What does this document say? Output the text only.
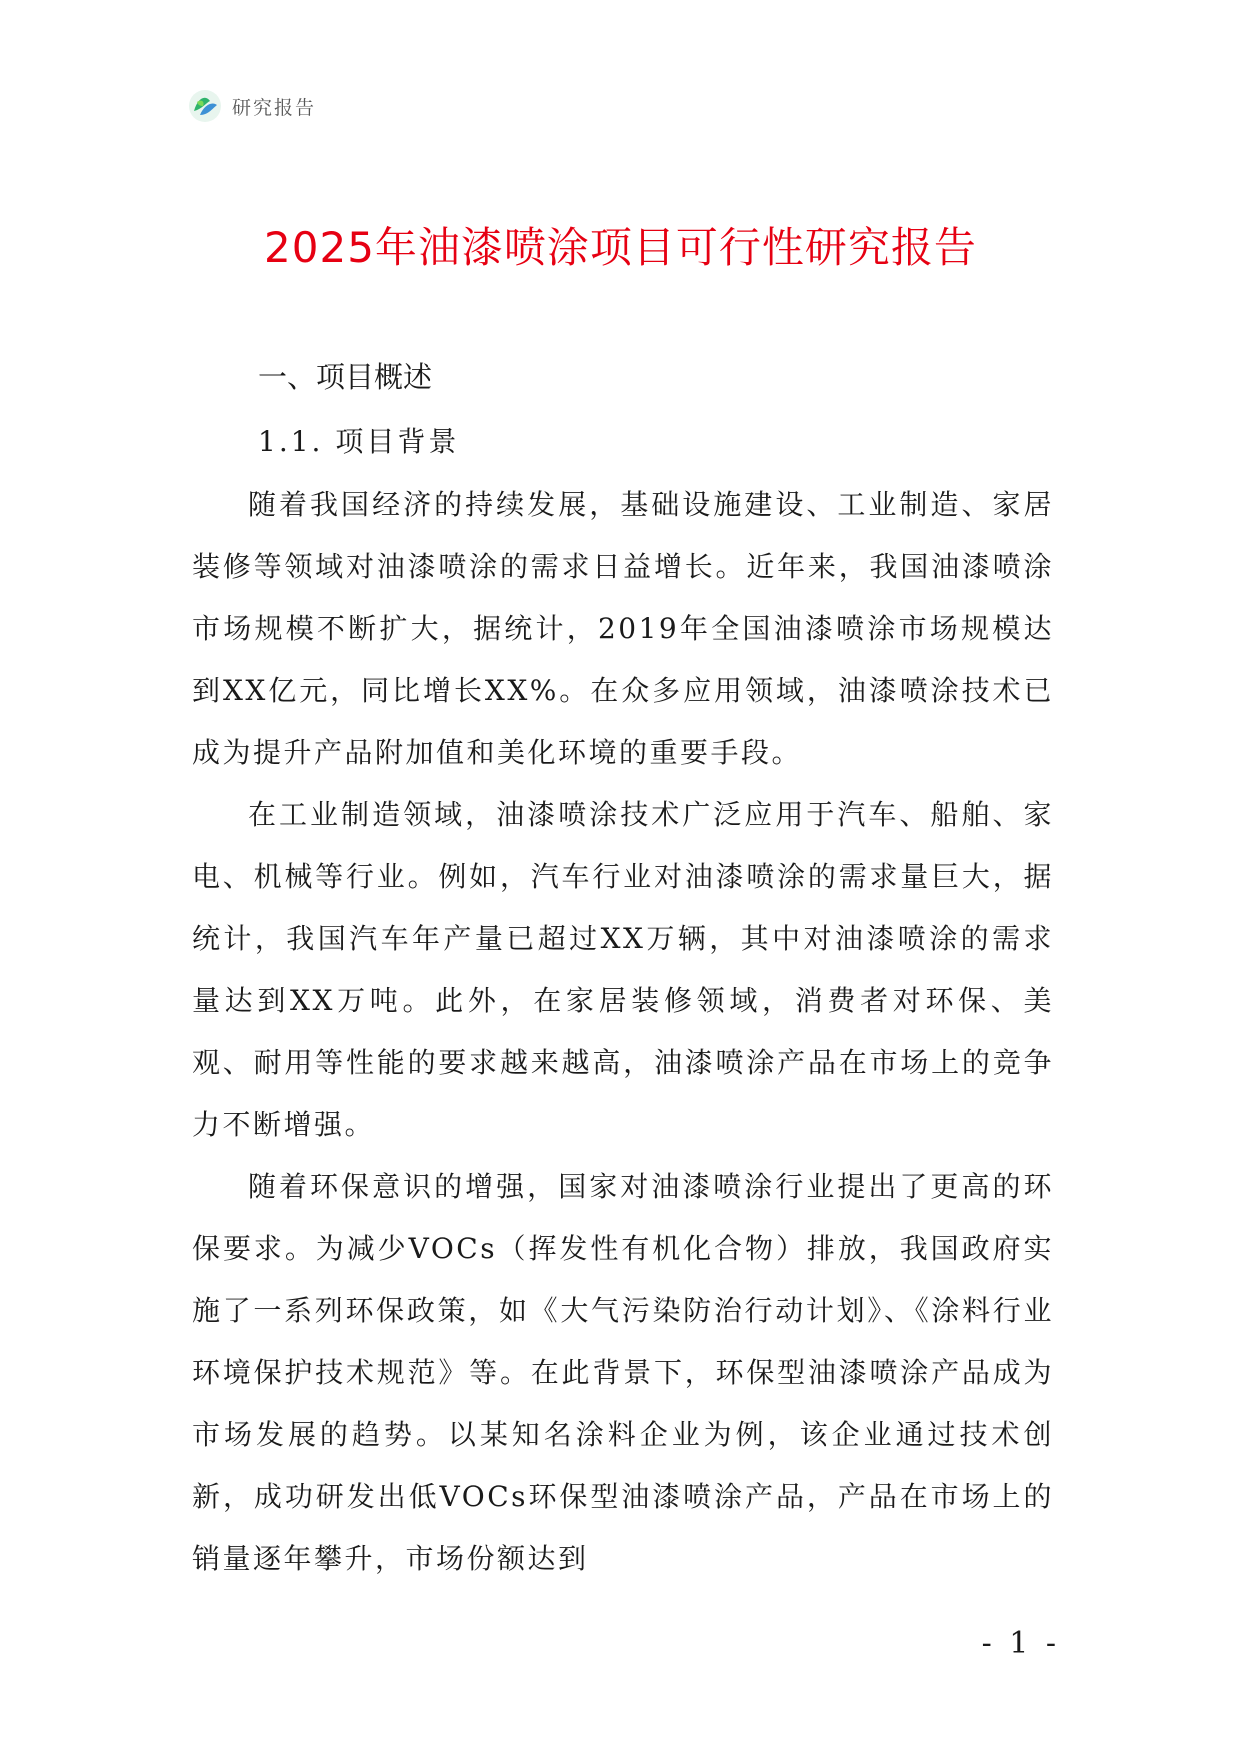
研究报告
2025年油漆喷涂项目可行性研究报告
一、项目概述
1.1. 项目背景

随着我国经济的持续发展，基础设施建设、工业制造、家居装修等领域对油漆喷涂的需求日益增长。近年来，我国油漆喷涂市场规模不断扩大，据统计，2019年全国油漆喷涂市场规模达到XX亿元，同比增长XX%。在众多应用领域，油漆喷涂技术已成为提升产品附加值和美化环境的重要手段。

在工业制造领域，油漆喷涂技术广泛应用于汽车、船舶、家电、机械等行业。例如，汽车行业对油漆喷涂的需求量巨大，据统计，我国汽车年产量已超过XX万辆，其中对油漆喷涂的需求量达到XX万吨。此外，在家居装修领域，消费者对环保、美观、耐用等性能的要求越来越高，油漆喷涂产品在市场上的竞争力不断增强。

随着环保意识的增强，国家对油漆喷涂行业提出了更高的环保要求。为减少VOCs（挥发性有机化合物）排放，我国政府实施了一系列环保政策，如《大气污染防治行动计划》、《涂料行业环境保护技术规范》等。在此背景下，环保型油漆喷涂产品成为市场发展的趋势。以某知名涂料企业为例，该企业通过技术创新，成功研发出低VOCs环保型油漆喷涂产品，产品在市场上的销量逐年攀升，市场份额达到

- 1 -
